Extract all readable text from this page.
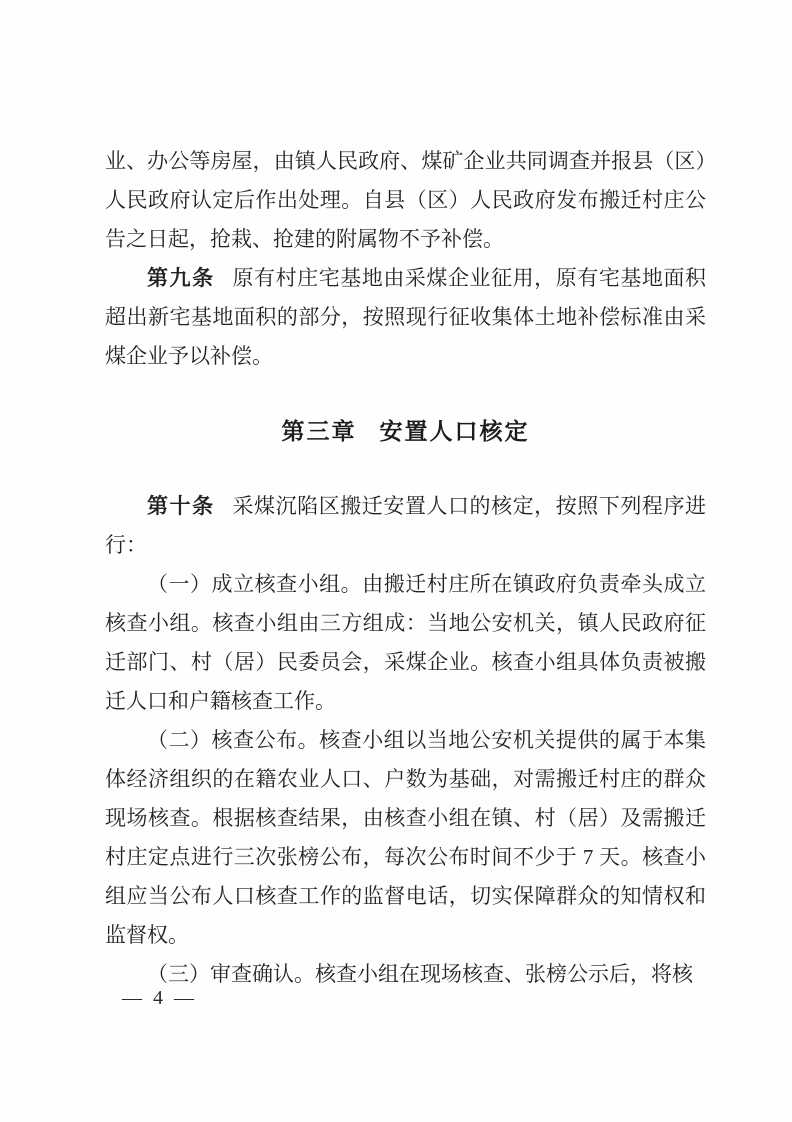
业、办公等房屋，由镇人民政府、煤矿企业共同调查并报县（区）人民政府认定后作出处理。自县（区）人民政府发布搬迁村庄公告之日起，抢栽、抢建的附属物不予补偿。

第九条 原有村庄宅基地由采煤企业征用，原有宅基地面积超出新宅基地面积的部分，按照现行征收集体土地补偿标准由采煤企业予以补偿。

第三章 安置人口核定

第十条 采煤沉陷区搬迁安置人口的核定，按照下列程序进行：

（一）成立核查小组。由搬迁村庄所在镇政府负责牵头成立核查小组。核查小组由三方组成：当地公安机关，镇人民政府征迁部门、村（居）民委员会，采煤企业。核查小组具体负责被搬迁人口和户籍核查工作。

（二）核查公布。核查小组以当地公安机关提供的属于本集体经济组织的在籍农业人口、户数为基础，对需搬迁村庄的群众现场核查。根据核查结果，由核查小组在镇、村（居）及需搬迁村庄定点进行三次张榜公布，每次公布时间不少于 7 天。核查小组应当公布人口核查工作的监督电话，切实保障群众的知情权和监督权。

（三）审查确认。核查小组在现场核查、张榜公示后，将核

— 4 —
